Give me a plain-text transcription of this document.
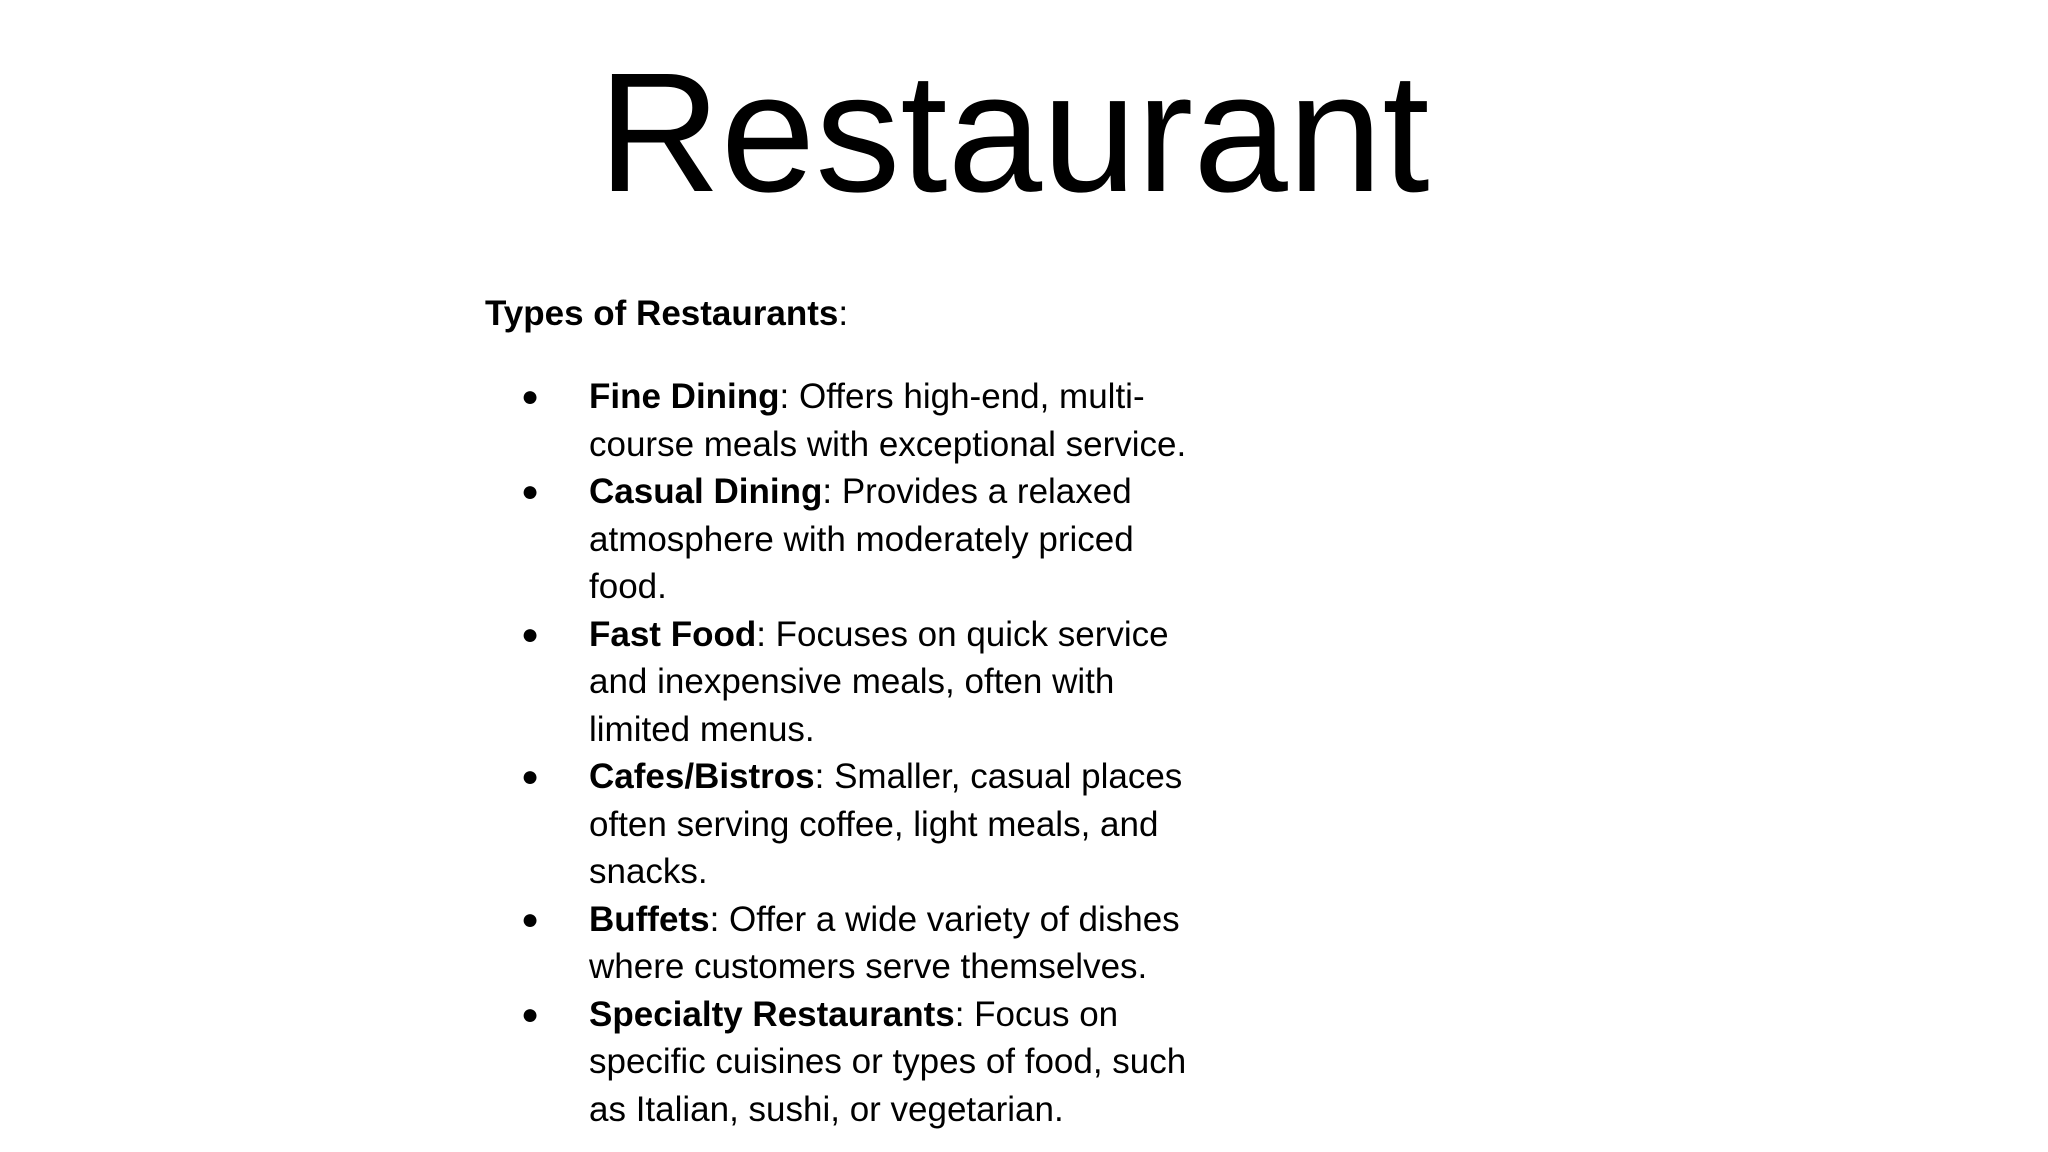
Restaurant

Types of Restaurants:

● Fine Dining: Offers high-end, multi-course meals with exceptional service.
● Casual Dining: Provides a relaxed atmosphere with moderately priced food.
● Fast Food: Focuses on quick service and inexpensive meals, often with limited menus.
● Cafes/Bistros: Smaller, casual places often serving coffee, light meals, and snacks.
● Buffets: Offer a wide variety of dishes where customers serve themselves.
● Specialty Restaurants: Focus on specific cuisines or types of food, such as Italian, sushi, or vegetarian.
